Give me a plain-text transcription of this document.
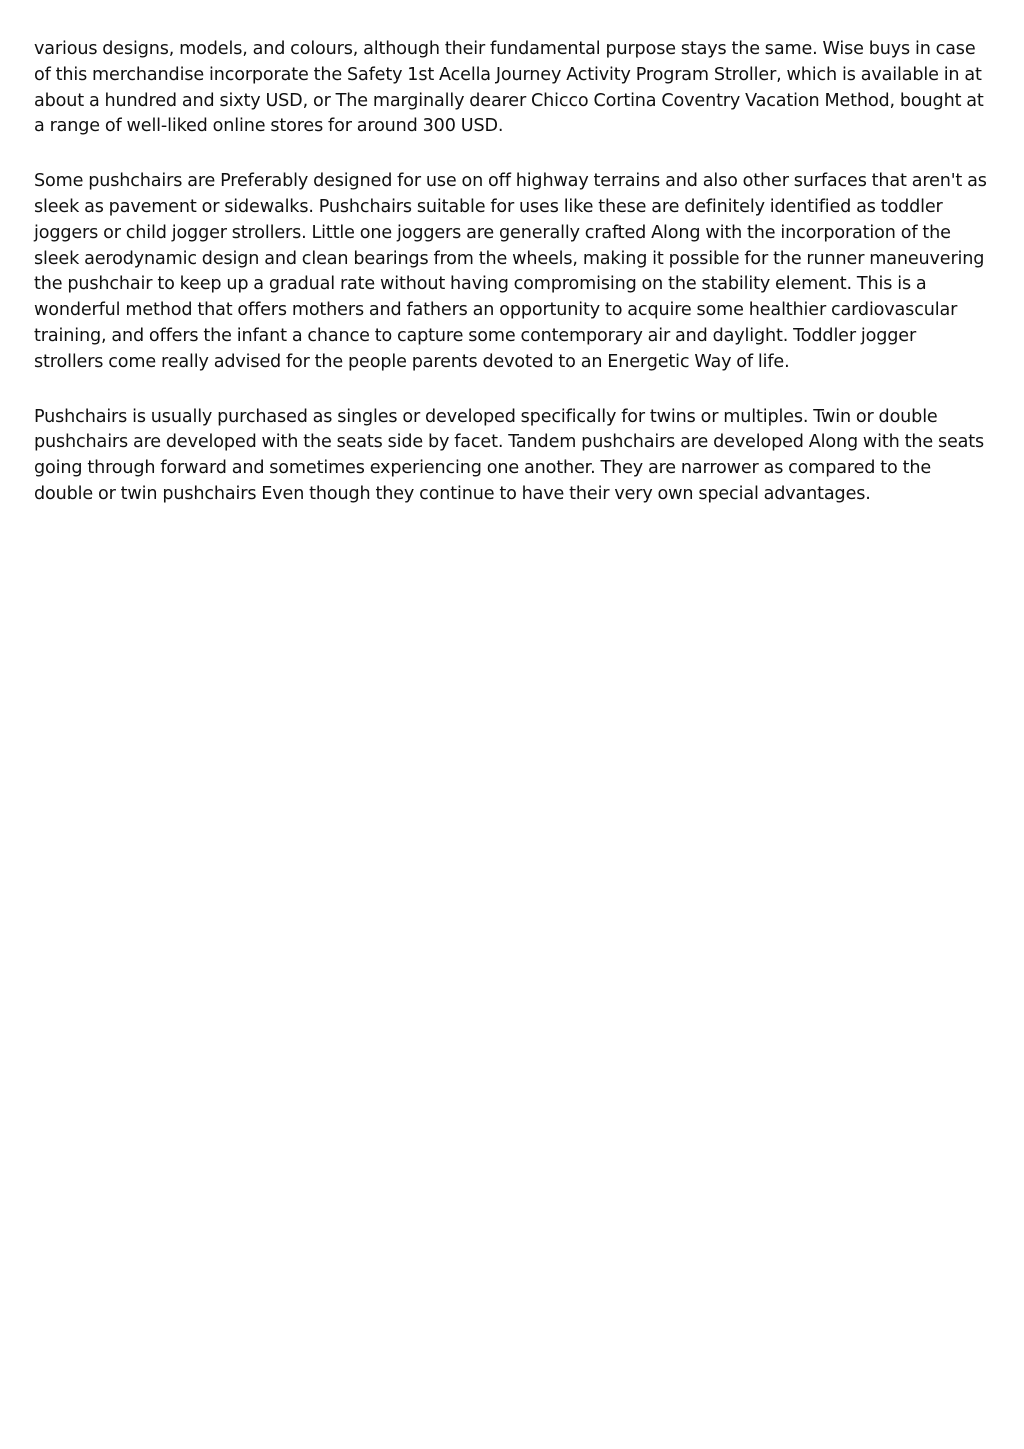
various designs, models, and colours, although their fundamental purpose stays the same. Wise buys in case of this merchandise incorporate the Safety 1st Acella Journey Activity Program Stroller, which is available in at about a hundred and sixty USD, or The marginally dearer Chicco Cortina Coventry Vacation Method, bought at a range of well-liked online stores for around 300 USD.

Some pushchairs are Preferably designed for use on off highway terrains and also other surfaces that aren't as sleek as pavement or sidewalks. Pushchairs suitable for uses like these are definitely identified as toddler joggers or child jogger strollers. Little one joggers are generally crafted Along with the incorporation of the sleek aerodynamic design and clean bearings from the wheels, making it possible for the runner maneuvering the pushchair to keep up a gradual rate without having compromising on the stability element. This is a wonderful method that offers mothers and fathers an opportunity to acquire some healthier cardiovascular training, and offers the infant a chance to capture some contemporary air and daylight. Toddler jogger strollers come really advised for the people parents devoted to an Energetic Way of life.

Pushchairs is usually purchased as singles or developed specifically for twins or multiples. Twin or double pushchairs are developed with the seats side by facet. Tandem pushchairs are developed Along with the seats going through forward and sometimes experiencing one another. They are narrower as compared to the double or twin pushchairs Even though they continue to have their very own special advantages.
